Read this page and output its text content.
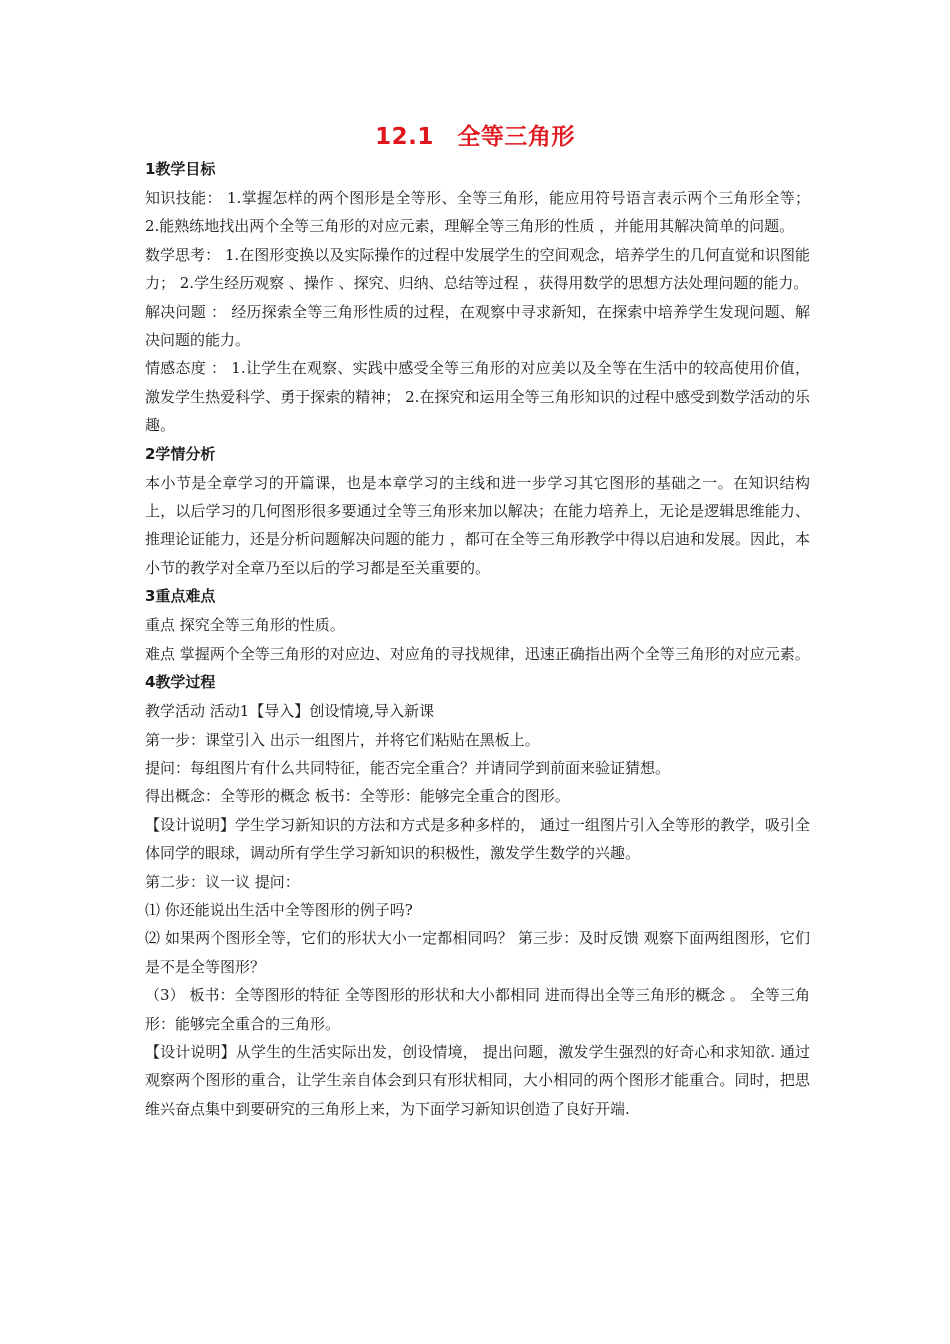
12.1　全等三角形
1教学目标
知识技能： 1.掌握怎样的两个图形是全等形、全等三角形，能应用符号语言表示两个三角形全等； 2.能熟练地找出两个全等三角形的对应元素，理解全等三角形的性质 ，并能用其解决简单的问题。
数学思考： 1.在图形变换以及实际操作的过程中发展学生的空间观念，培养学生的几何直觉和识图能力； 2.学生经历观察 、操作 、探究、归纳、总结等过程 ，获得用数学的思想方法处理问题的能力。
解决问题 ： 经历探索全等三角形性质的过程，在观察中寻求新知，在探索中培养学生发现问题、解决问题的能力。
情感态度 ： 1.让学生在观察、实践中感受全等三角形的对应美以及全等在生活中的较高使用价值，激发学生热爱科学、勇于探索的精神； 2.在探究和运用全等三角形知识的过程中感受到数学活动的乐趣。
2学情分析
本小节是全章学习的开篇课，也是本章学习的主线和进一步学习其它图形的基础之一。在知识结构上，以后学习的几何图形很多要通过全等三角形来加以解决；在能力培养上，无论是逻辑思维能力、推理论证能力，还是分析问题解决问题的能力 ，都可在全等三角形教学中得以启迪和发展。因此，本小节的教学对全章乃至以后的学习都是至关重要的。
3重点难点
重点 探究全等三角形的性质。
难点 掌握两个全等三角形的对应边、对应角的寻找规律，迅速正确指出两个全等三角形的对应元素。
4教学过程
教学活动 活动1【导入】创设情境,导入新课
第一步：课堂引入 出示一组图片，并将它们粘贴在黑板上。
提问：每组图片有什么共同特征，能否完全重合？并请同学到前面来验证猜想。
得出概念：全等形的概念 板书：全等形：能够完全重合的图形。
【设计说明】学生学习新知识的方法和方式是多种多样的， 通过一组图片引入全等形的教学，吸引全体同学的眼球，调动所有学生学习新知识的积极性，激发学生数学的兴趣。
第二步：议一议 提问：
⑴ 你还能说出生活中全等图形的例子吗?
⑵ 如果两个图形全等，它们的形状大小一定都相同吗？ 第三步：及时反馈 观察下面两组图形，它们是不是全等图形？
（3） 板书：全等图形的特征 全等图形的形状和大小都相同 进而得出全等三角形的概念 。 全等三角形：能够完全重合的三角形。
【设计说明】从学生的生活实际出发，创设情境， 提出问题，激发学生强烈的好奇心和求知欲. 通过观察两个图形的重合，让学生亲自体会到只有形状相同，大小相同的两个图形才能重合。同时，把思维兴奋点集中到要研究的三角形上来，为下面学习新知识创造了良好开端.
